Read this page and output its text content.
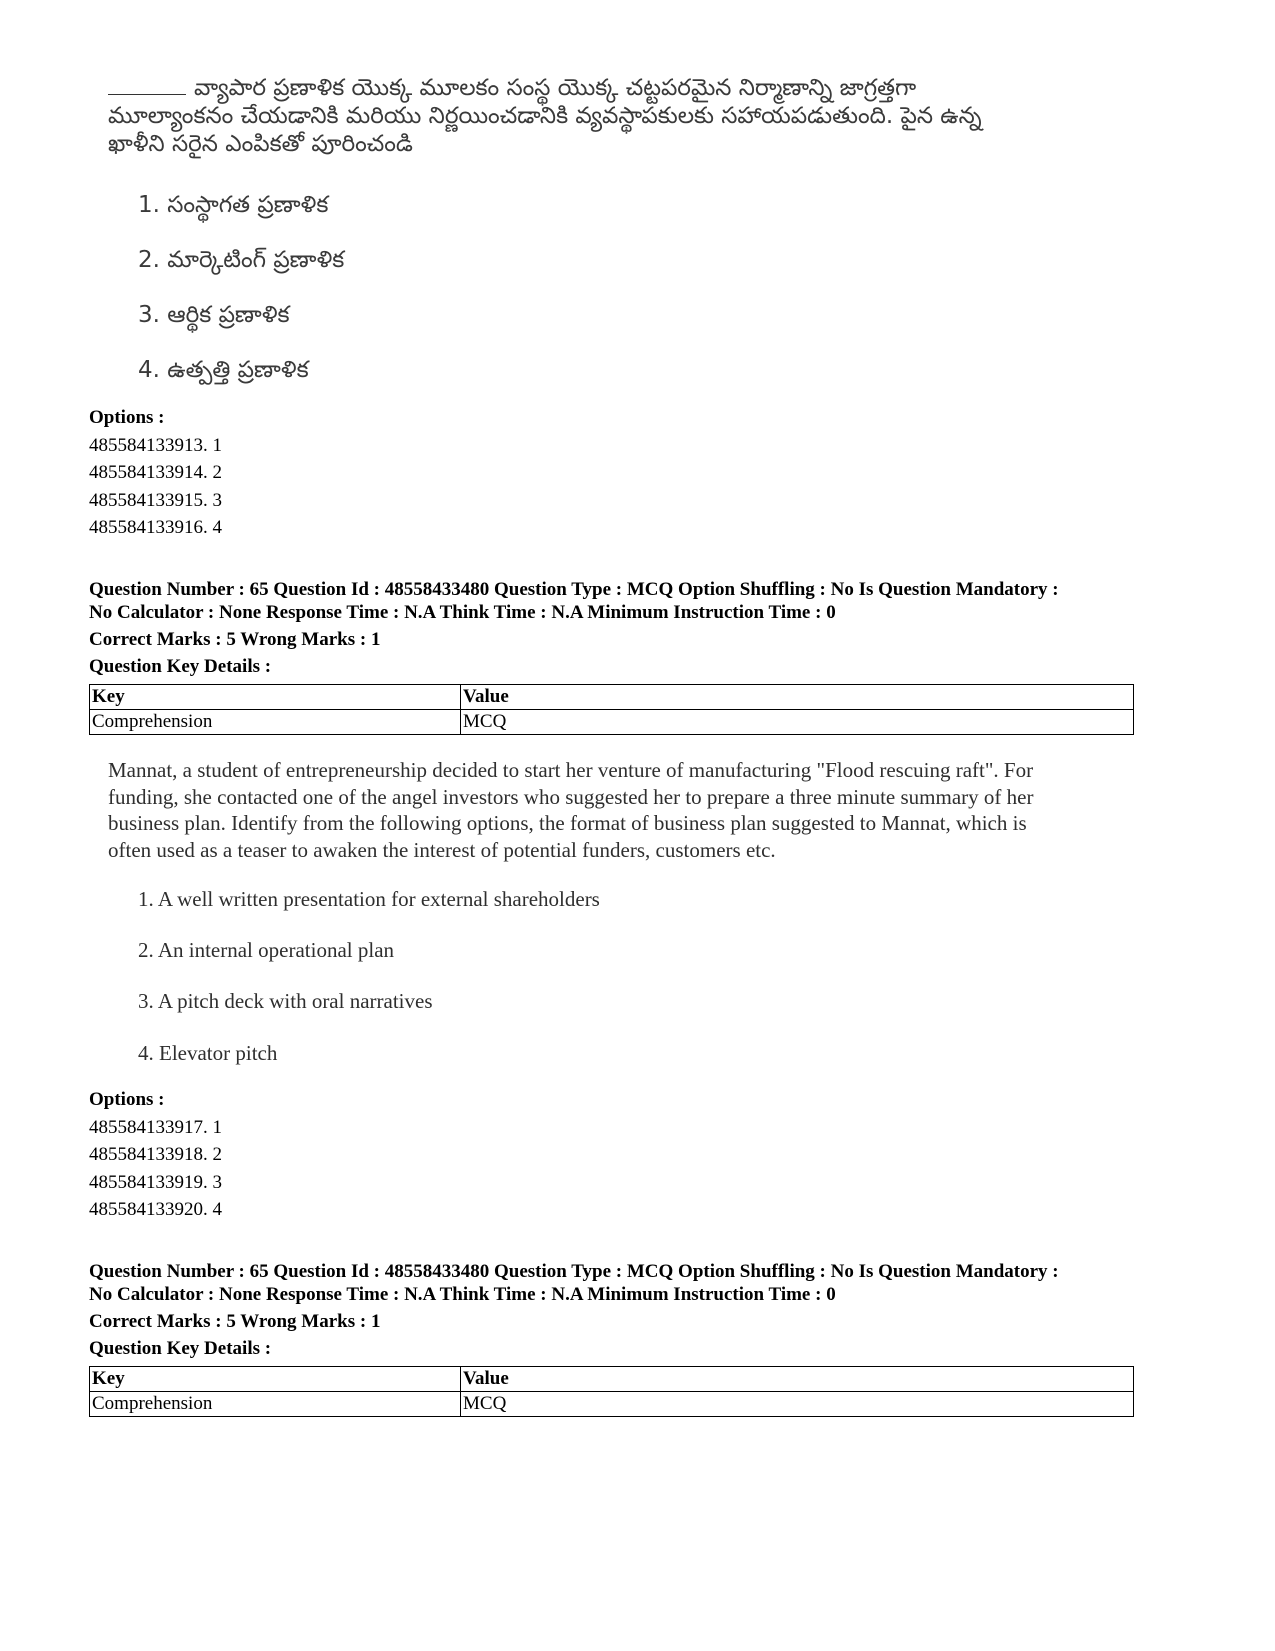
వ్యాపార ప్రణాళిక యొక్క మూలకం సంస్థ యొక్క చట్టపరమైన నిర్మాణాన్ని జాగ్రత్తగా
మూల్యాంకనం చేయడానికి మరియు నిర్ణయించడానికి వ్యవస్థాపకులకు సహాయపడుతుంది. పైన ఉన్న
ఖాళీని సరైన ఎంపికతో పూరించండి

1. సంస్థాగత ప్రణాళిక
2. మార్కెటింగ్ ప్రణాళిక
3. ఆర్థిక ప్రణాళిక
4. ఉత్పత్తి ప్రణాళిక
Options :
485584133913. 1
485584133914. 2
485584133915. 3
485584133916. 4
Question Number : 65 Question Id : 48558433480 Question Type : MCQ Option Shuffling : No Is Question Mandatory :
No Calculator : None Response Time : N.A Think Time : N.A Minimum Instruction Time : 0
Correct Marks : 5 Wrong Marks : 1
Question Key Details :
Key	Value
Comprehension	MCQ

Mannat, a student of entrepreneurship decided to start her venture of manufacturing "Flood rescuing raft". For
funding, she contacted one of the angel investors who suggested her to prepare a three minute summary of her
business plan. Identify from the following options, the format of business plan suggested to Mannat, which is
often used as a teaser to awaken the interest of potential funders, customers etc.

1. A well written presentation for external shareholders
2. An internal operational plan
3. A pitch deck with oral narratives
4. Elevator pitch
Options :
485584133917. 1
485584133918. 2
485584133919. 3
485584133920. 4
Question Number : 65 Question Id : 48558433480 Question Type : MCQ Option Shuffling : No Is Question Mandatory :
No Calculator : None Response Time : N.A Think Time : N.A Minimum Instruction Time : 0
Correct Marks : 5 Wrong Marks : 1
Question Key Details :
Key	Value
Comprehension	MCQ
